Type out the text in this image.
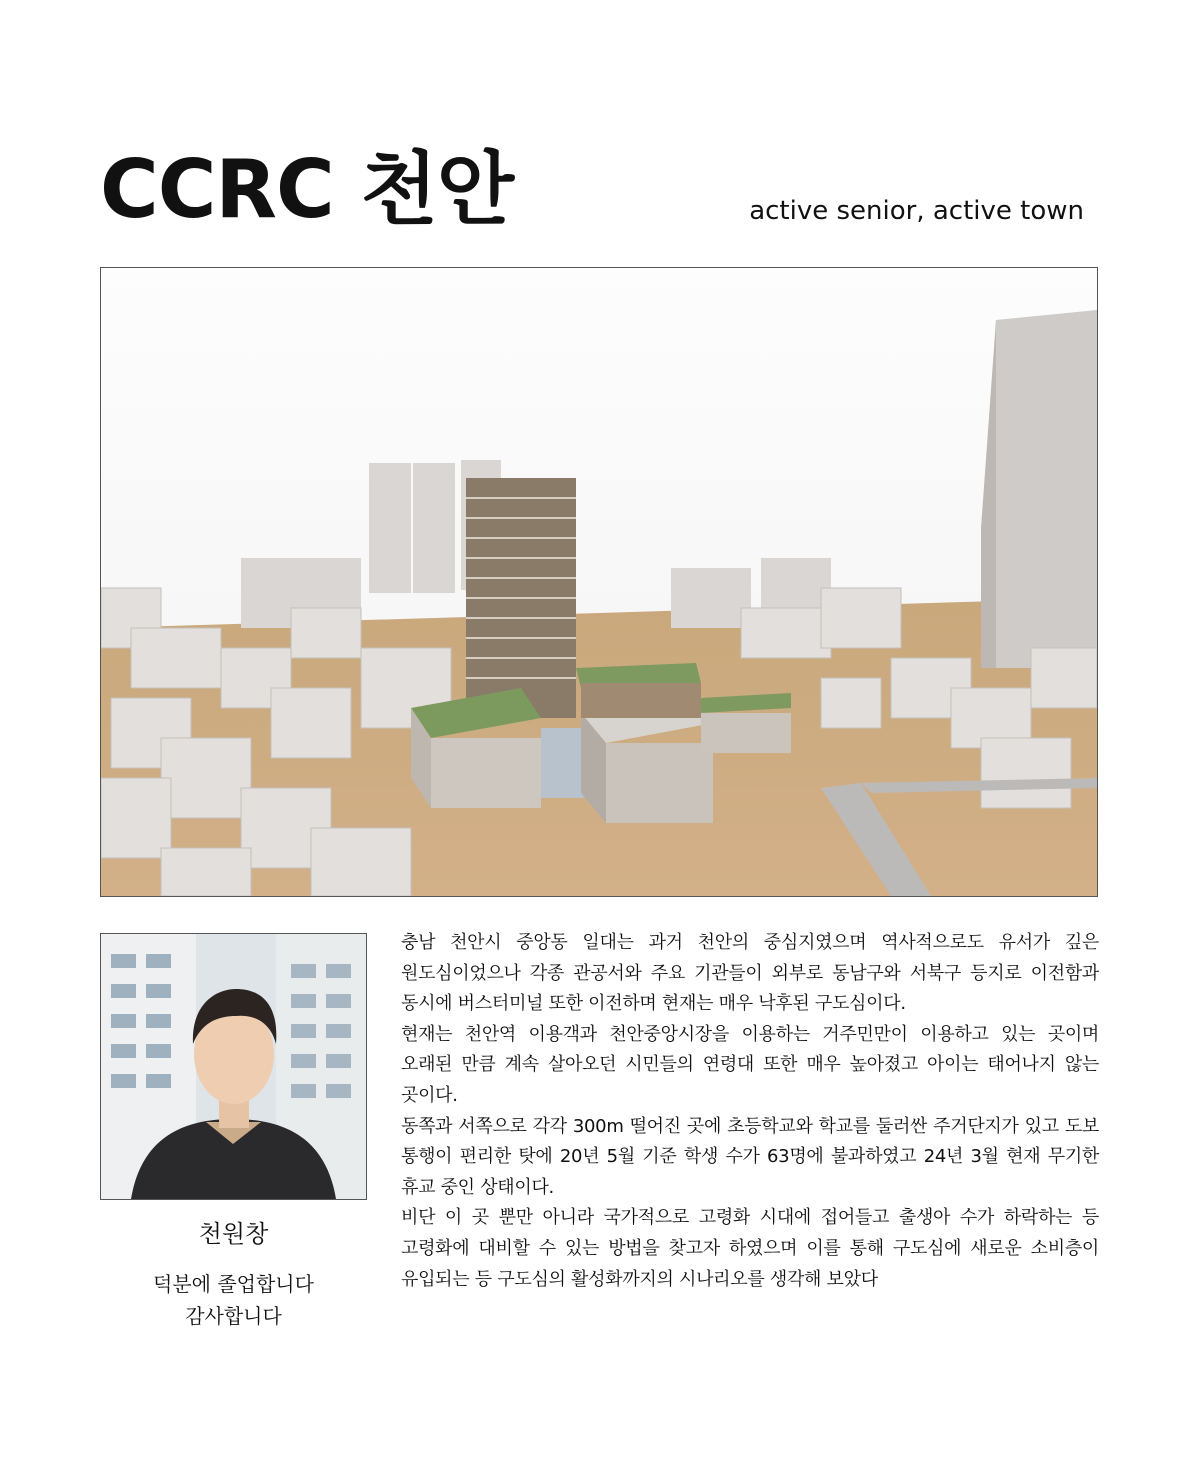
CCRC 천안	active senior, active town
천원창
덕분에 졸업합니다
감사합니다

충남 천안시 중앙동 일대는 과거 천안의 중심지였으며 역사적으로도 유서가 깊은 원도심이었으나 각종 관공서와 주요 기관들이 외부로 동남구와 서북구 등지로 이전함과 동시에 버스터미널 또한 이전하며 현재는 매우 낙후된 구도심이다.

현재는 천안역 이용객과 천안중앙시장을 이용하는 거주민만이 이용하고 있는 곳이며 오래된 만큼 계속 살아오던 시민들의 연령대 또한 매우 높아졌고 아이는 태어나지 않는 곳이다.

동쪽과 서쪽으로 각각 300m 떨어진 곳에 초등학교와 학교를 둘러싼 주거단지가 있고 도보 통행이 편리한 탓에 20년 5월 기준 학생 수가 63명에 불과하였고 24년 3월 현재 무기한 휴교 중인 상태이다.

비단 이 곳 뿐만 아니라 국가적으로 고령화 시대에 접어들고 출생아 수가 하락하는 등 고령화에 대비할 수 있는 방법을 찾고자 하였으며 이를 통해 구도심에 새로운 소비층이 유입되는 등 구도심의 활성화까지의 시나리오를 생각해 보았다
